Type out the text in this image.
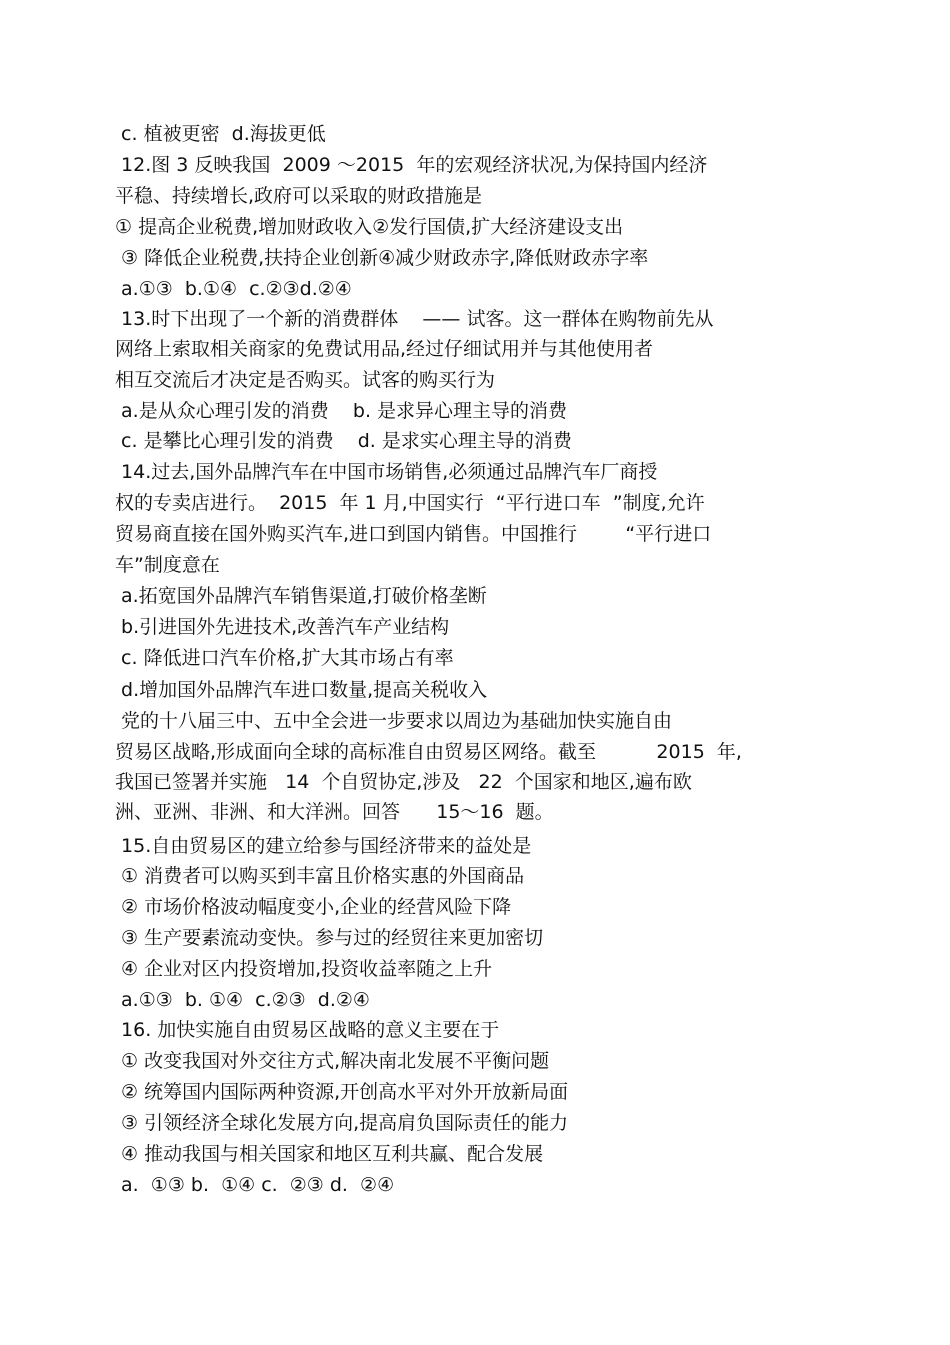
c. 植被更密  d.海拔更低
12.图 3 反映我国  2009 ～2015  年的宏观经济状况,为保持国内经济
平稳、持续增长,政府可以采取的财政措施是
① 提高企业税费,增加财政收入②发行国债,扩大经济建设支出
③ 降低企业税费,扶持企业创新④减少财政赤字,降低财政赤字率
a.①③  b.①④  c.②③d.②④
13.时下出现了一个新的消费群体    —— 试客。这一群体在购物前先从
网络上索取相关商家的免费试用品,经过仔细试用并与其他使用者
相互交流后才决定是否购买。试客的购买行为
a.是从众心理引发的消费    b. 是求异心理主导的消费
c. 是攀比心理引发的消费    d. 是求实心理主导的消费
14.过去,国外品牌汽车在中国市场销售,必须通过品牌汽车厂商授
权的专卖店进行。  2015  年 1 月,中国实行  “平行进口车  ”制度,允许
贸易商直接在国外购买汽车,进口到国内销售。中国推行        “平行进口
车”制度意在
a.拓宽国外品牌汽车销售渠道,打破价格垄断
b.引进国外先进技术,改善汽车产业结构
c. 降低进口汽车价格,扩大其市场占有率
d.增加国外品牌汽车进口数量,提高关税收入
党的十八届三中、五中全会进一步要求以周边为基础加快实施自由
贸易区战略,形成面向全球的高标准自由贸易区网络。截至          2015  年,
我国已签署并实施   14  个自贸协定,涉及   22  个国家和地区,遍布欧
洲、亚洲、非洲、和大洋洲。回答      15～16  题。
15.自由贸易区的建立给参与国经济带来的益处是
① 消费者可以购买到丰富且价格实惠的外国商品
② 市场价格波动幅度变小,企业的经营风险下降
③ 生产要素流动变快。参与过的经贸往来更加密切
④ 企业对区内投资增加,投资收益率随之上升
a.①③  b. ①④  c.②③  d.②④
16. 加快实施自由贸易区战略的意义主要在于
① 改变我国对外交往方式,解决南北发展不平衡问题
② 统筹国内国际两种资源,开创高水平对外开放新局面
③ 引领经济全球化发展方向,提高肩负国际责任的能力
④ 推动我国与相关国家和地区互利共赢、配合发展
a.  ①③ b.  ①④ c.  ②③ d.  ②④
